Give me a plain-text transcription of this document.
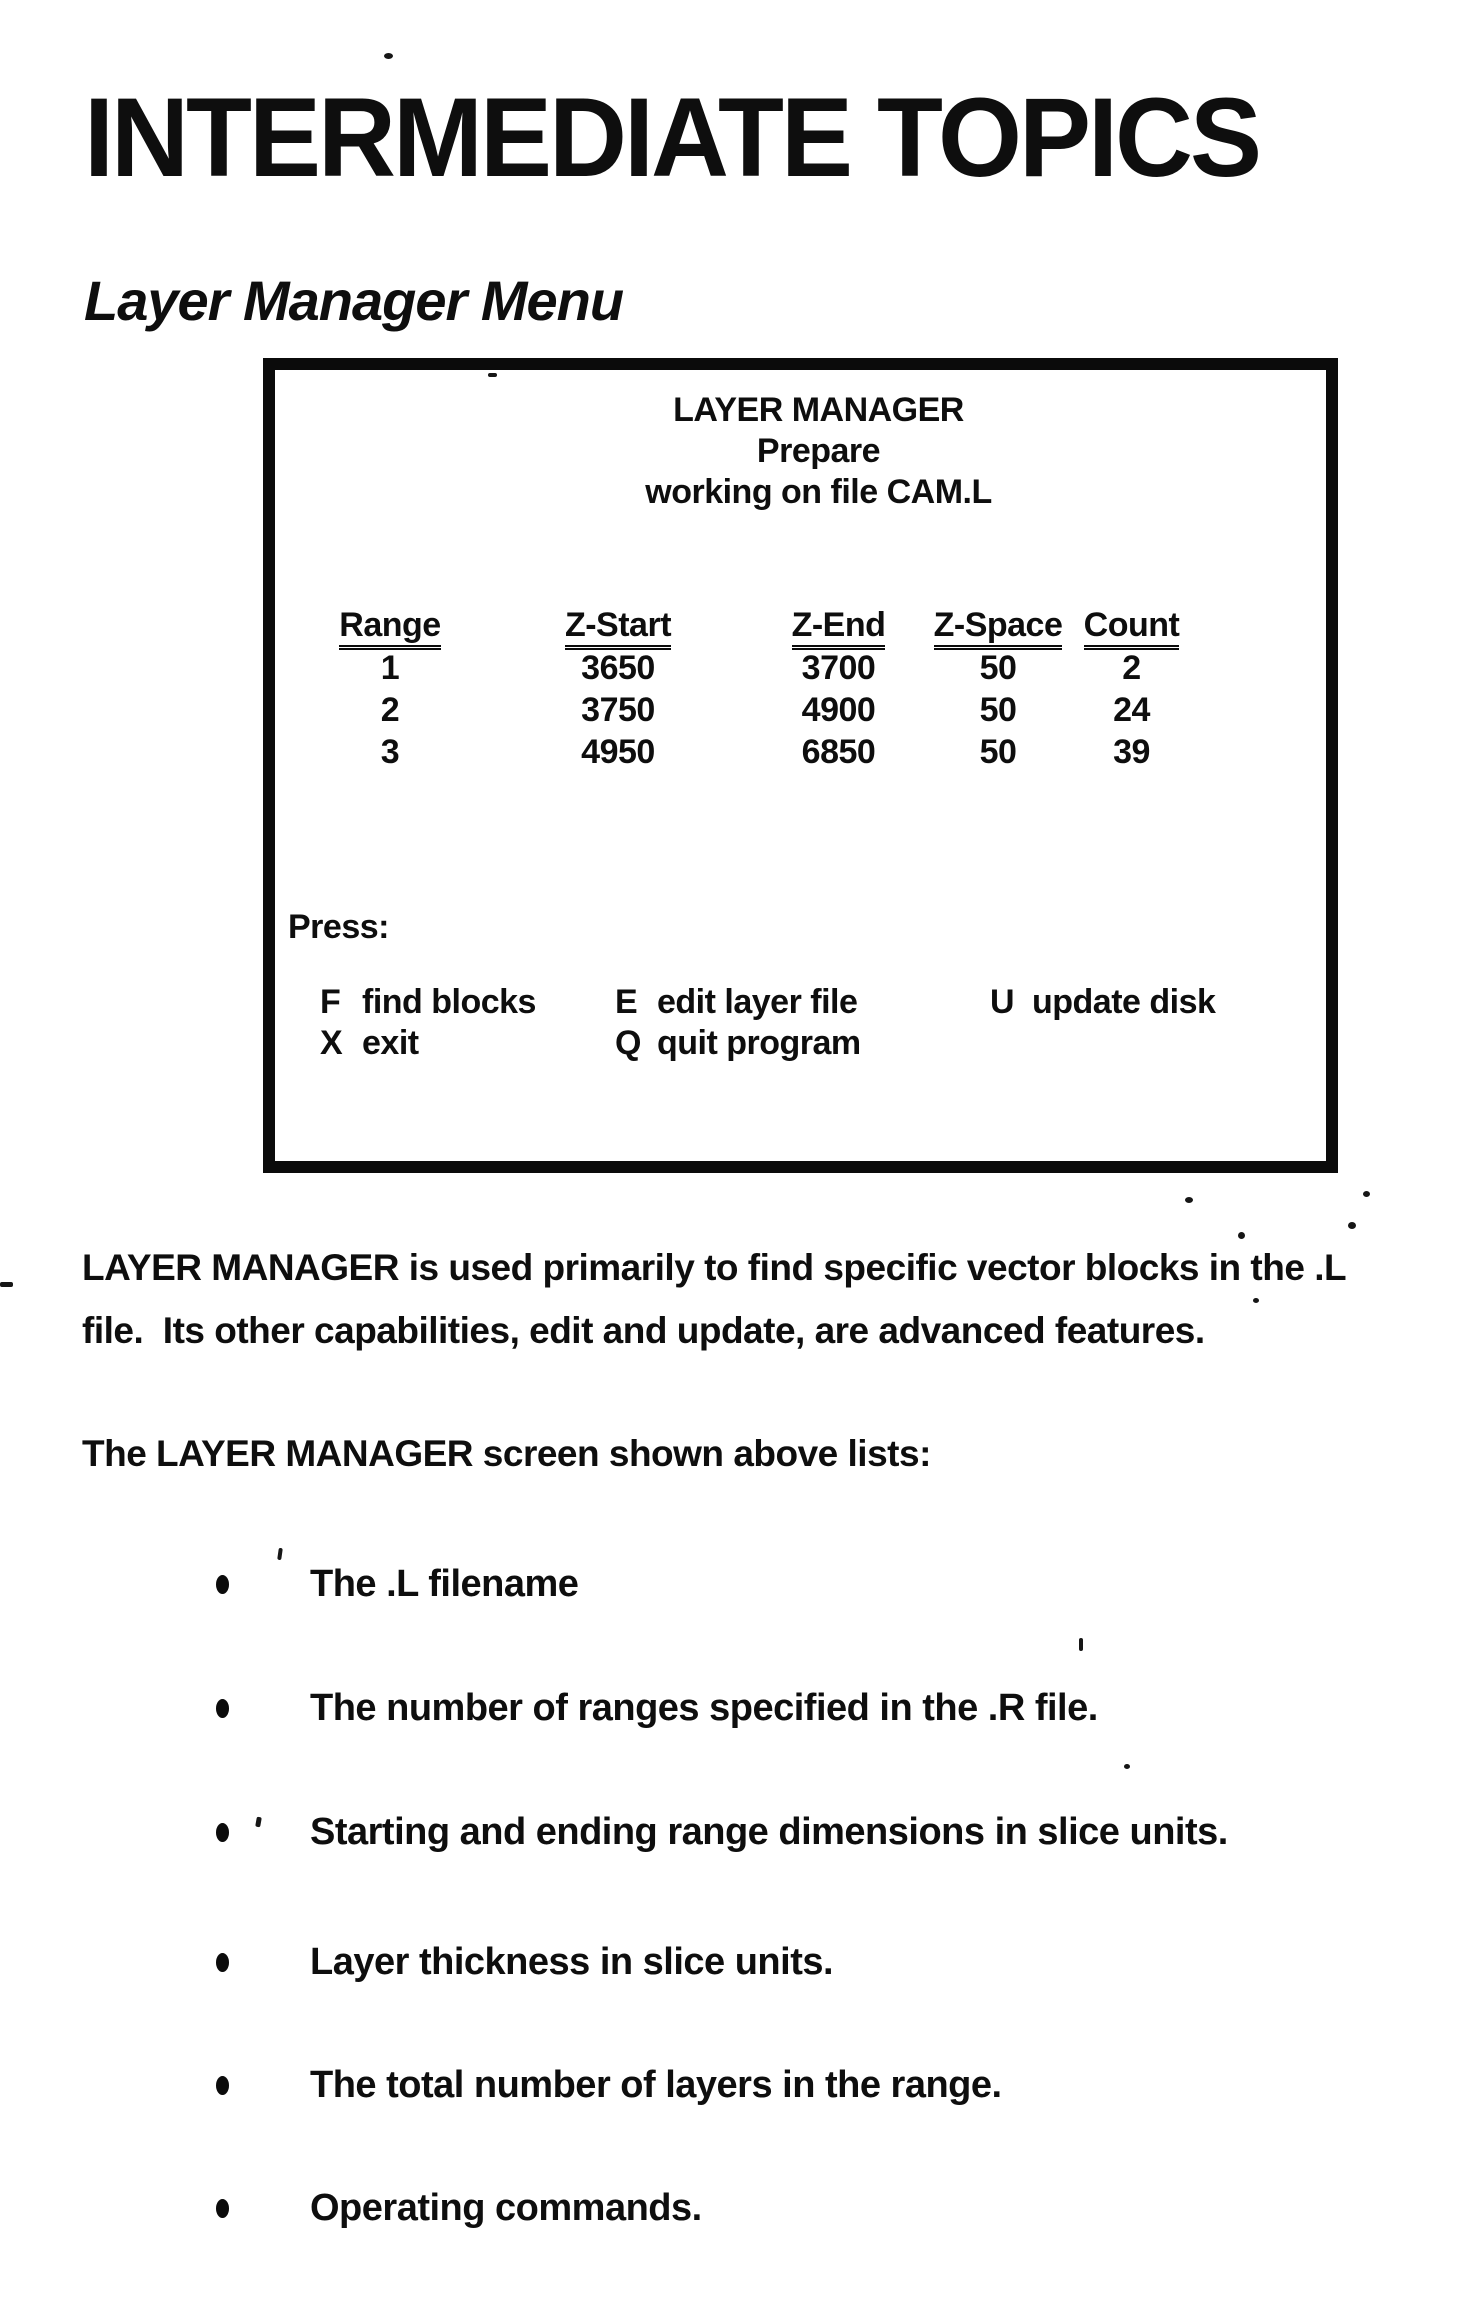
INTERMEDIATE TOPICS
Layer Manager Menu
LAYER MANAGER
Prepare
working on file CAM.L
Range
1
2
3
Z-Start
3650
3750
4950
Z-End
3700
4900
6850
Z-Space
50
50
50
Count
2
24
39
Press:
F find blocks E edit layer file	U update disk
X exit	Q quit program
LAYER MANAGER is used primarily to find specific vector blocks in the .L
file.  Its other capabilities, edit and update, are advanced features.
The LAYER MANAGER screen shown above lists:
The .L filename
The number of ranges specified in the .R file.
Starting and ending range dimensions in slice units.
Layer thickness in slice units.
The total number of layers in the range.
Operating commands.
